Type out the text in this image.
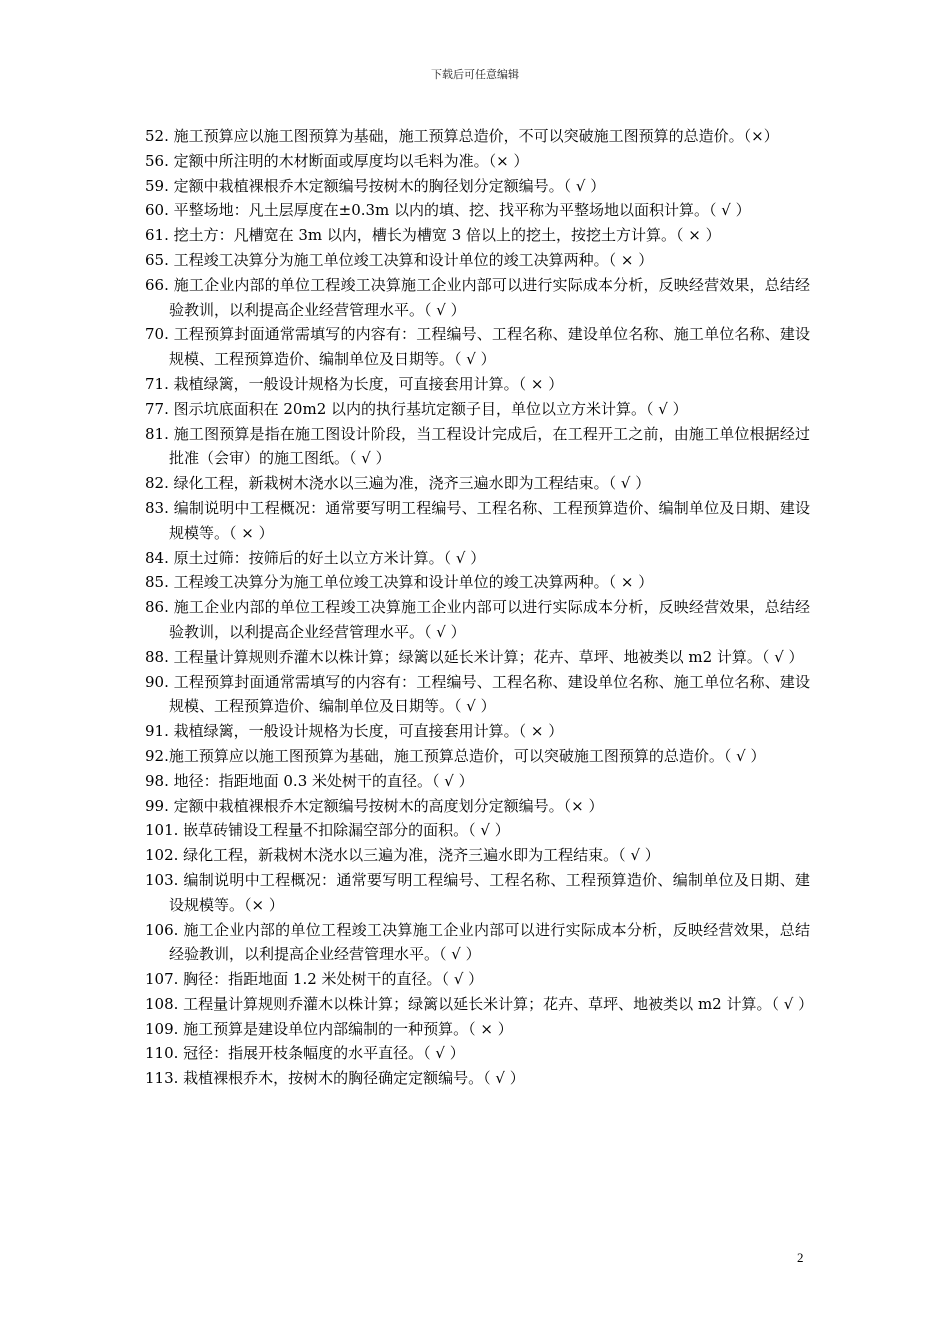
下载后可任意编辑
52. 施工预算应以施工图预算为基础，施工预算总造价，不可以突破施工图预算的总造价。（×）
56. 定额中所注明的木材断面或厚度均以毛料为准。（× ）
59. 定额中栽植裸根乔木定额编号按树木的胸径划分定额编号。（ √ ）
60. 平整场地：凡土层厚度在±0.3m 以内的填、挖、找平称为平整场地以面积计算。（ √ ）
61. 挖土方：凡槽宽在 3m 以内，槽长为槽宽 3 倍以上的挖土，按挖土方计算。（ × ）
65. 工程竣工决算分为施工单位竣工决算和设计单位的竣工决算两种。（ × ）
66. 施工企业内部的单位工程竣工决算施工企业内部可以进行实际成本分析，反映经营效果，总结经验教训，以利提高企业经营管理水平。（ √ ）
70. 工程预算封面通常需填写的内容有：工程编号、工程名称、建设单位名称、施工单位名称、建设规模、工程预算造价、编制单位及日期等。（ √ ）
71. 栽植绿篱，一般设计规格为长度，可直接套用计算。（ × ）
77. 图示坑底面积在 20m2 以内的执行基坑定额子目，单位以立方米计算。（ √ ）
81. 施工图预算是指在施工图设计阶段，当工程设计完成后，在工程开工之前，由施工单位根据经过批准（会审）的施工图纸。（ √ ）
82. 绿化工程，新栽树木浇水以三遍为准，浇齐三遍水即为工程结束。（ √ ）
83. 编制说明中工程概况：通常要写明工程编号、工程名称、工程预算造价、编制单位及日期、建设规模等。（ × ）
84. 原土过筛：按筛后的好土以立方米计算。（ √ ）
85. 工程竣工决算分为施工单位竣工决算和设计单位的竣工决算两种。（ × ）
86. 施工企业内部的单位工程竣工决算施工企业内部可以进行实际成本分析，反映经营效果，总结经验教训，以利提高企业经营管理水平。（ √ ）
88. 工程量计算规则乔灌木以株计算；绿篱以延长米计算；花卉、草坪、地被类以 m2 计算。（ √ ）
90. 工程预算封面通常需填写的内容有：工程编号、工程名称、建设单位名称、施工单位名称、建设规模、工程预算造价、编制单位及日期等。（ √ ）
91. 栽植绿篱，一般设计规格为长度，可直接套用计算。（ × ）
92.施工预算应以施工图预算为基础，施工预算总造价，可以突破施工图预算的总造价。（ √ ）
98. 地径：指距地面 0.3 米处树干的直径。（ √ ）
99. 定额中栽植裸根乔木定额编号按树木的高度划分定额编号。（× ）
101. 嵌草砖铺设工程量不扣除漏空部分的面积。（ √ ）
102. 绿化工程，新栽树木浇水以三遍为准，浇齐三遍水即为工程结束。（ √ ）
103. 编制说明中工程概况：通常要写明工程编号、工程名称、工程预算造价、编制单位及日期、建设规模等。（× ）
106. 施工企业内部的单位工程竣工决算施工企业内部可以进行实际成本分析，反映经营效果，总结经验教训，以利提高企业经营管理水平。（ √ ）
107. 胸径：指距地面 1.2 米处树干的直径。（ √ ）
108. 工程量计算规则乔灌木以株计算；绿篱以延长米计算；花卉、草坪、地被类以 m2 计算。（ √ ）
109. 施工预算是建设单位内部编制的一种预算。（ × ）
110. 冠径：指展开枝条幅度的水平直径。（ √ ）
113. 栽植裸根乔木，按树木的胸径确定定额编号。（ √ ）
2
